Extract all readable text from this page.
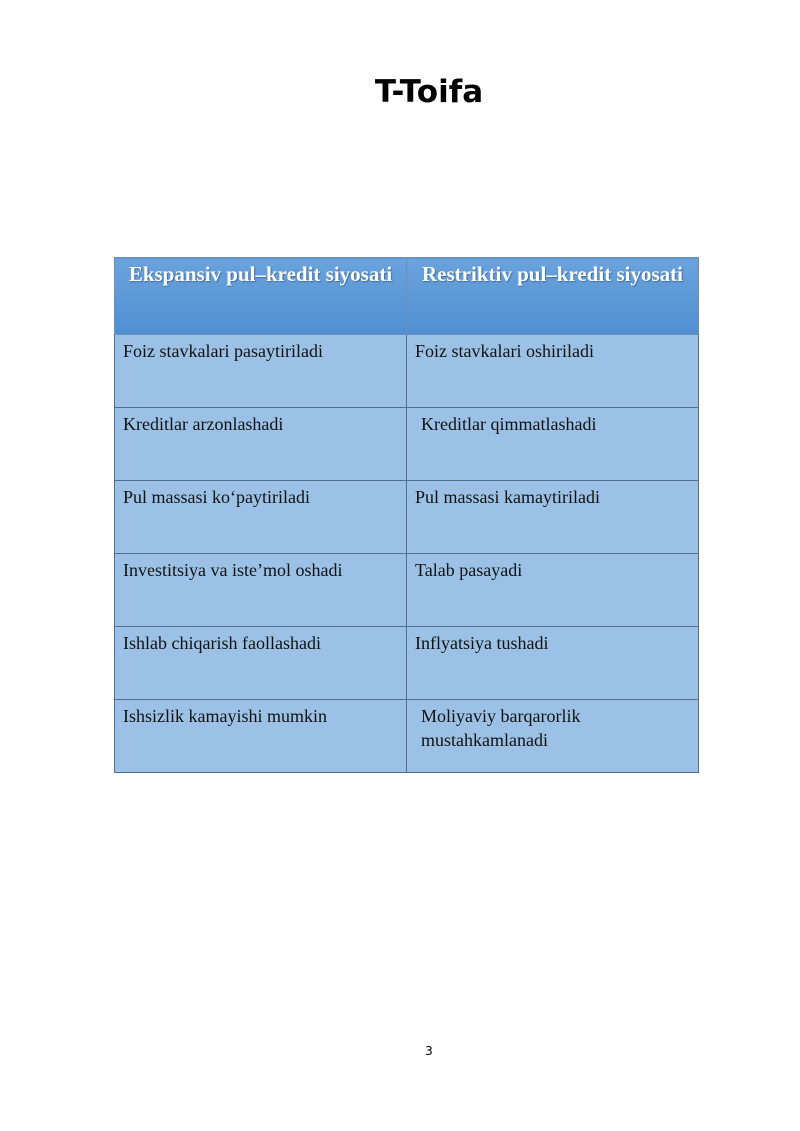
T-Toifa
Ekspansiv pul–kredit siyosati	Restriktiv pul–kredit siyosati
Foiz stavkalari pasaytiriladi	Foiz stavkalari oshiriladi
Kreditlar arzonlashadi	Kreditlar qimmatlashadi
Pul massasi ko‘paytiriladi	Pul massasi kamaytiriladi
Investitsiya va iste’mol oshadi	Talab pasayadi
Ishlab chiqarish faollashadi	Inflyatsiya tushadi
Ishsizlik kamayishi mumkin	Moliyaviy barqarorlik mustahkamlanadi

3
